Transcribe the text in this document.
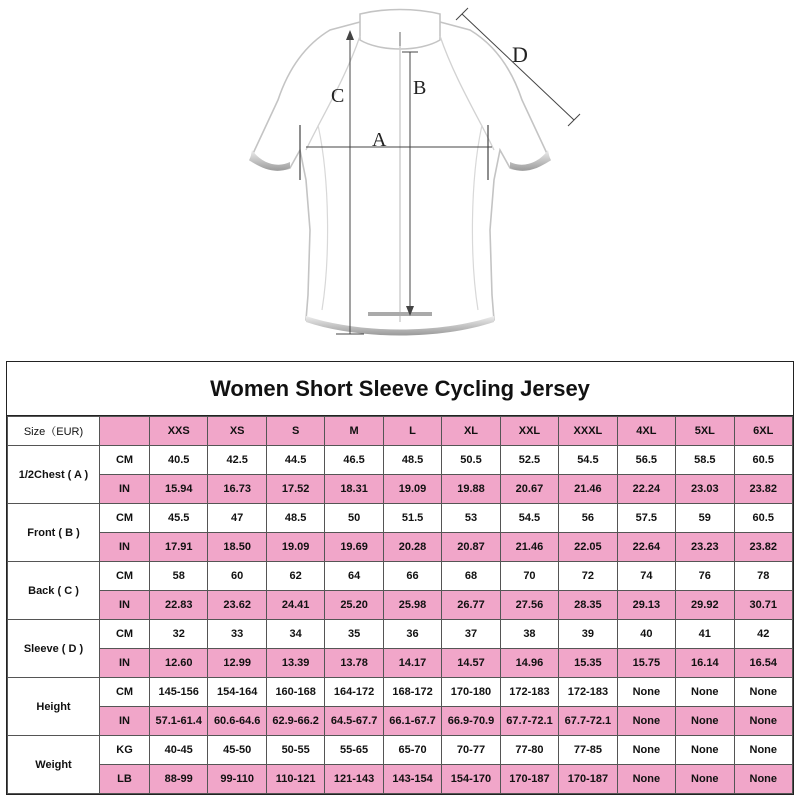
A
B
C
D
Women Short Sleeve Cycling Jersey
Size（EUR)		XXS	XS	S	M	L	XL	XXL	XXXL	4XL	5XL	6XL
1/2Chest ( A )	CM	40.5	42.5	44.5	46.5	48.5	50.5	52.5	54.5	56.5	58.5	60.5
	IN	15.94	16.73	17.52	18.31	19.09	19.88	20.67	21.46	22.24	23.03	23.82
Front ( B )	CM	45.5	47	48.5	50	51.5	53	54.5	56	57.5	59	60.5
	IN	17.91	18.50	19.09	19.69	20.28	20.87	21.46	22.05	22.64	23.23	23.82
Back ( C )	CM	58	60	62	64	66	68	70	72	74	76	78
	IN	22.83	23.62	24.41	25.20	25.98	26.77	27.56	28.35	29.13	29.92	30.71
Sleeve ( D )	CM	32	33	34	35	36	37	38	39	40	41	42
	IN	12.60	12.99	13.39	13.78	14.17	14.57	14.96	15.35	15.75	16.14	16.54
Height	CM	145-156	154-164	160-168	164-172	168-172	170-180	172-183	172-183	None	None	None
	IN	57.1-61.4	60.6-64.6	62.9-66.2	64.5-67.7	66.1-67.7	66.9-70.9	67.7-72.1	67.7-72.1	None	None	None
Weight	KG	40-45	45-50	50-55	55-65	65-70	70-77	77-80	77-85	None	None	None
	LB	88-99	99-110	110-121	121-143	143-154	154-170	170-187	170-187	None	None	None
